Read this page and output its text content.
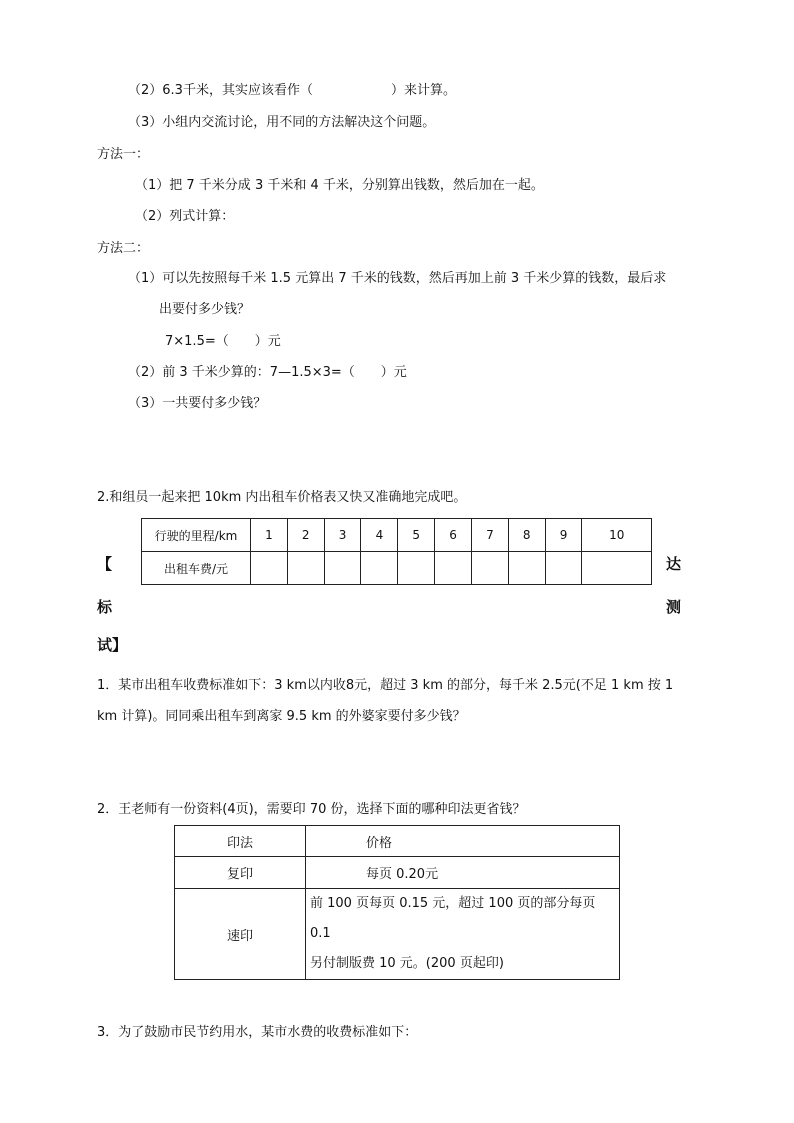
（2）6.3千米，其实应该看作（　　　　　　）来计算。
（3）小组内交流讨论，用不同的方法解决这个问题。
方法一：
（1）把 7 千米分成 3 千米和 4 千米，分别算出钱数，然后加在一起。
（2）列式计算：
方法二：
（1）可以先按照每千米 1.5 元算出 7 千米的钱数，然后再加上前 3 千米少算的钱数，最后求
出要付多少钱？
7×1.5=（　　）元
（2）前 3 千米少算的：7—1.5×3=（　　）元
（3）一共要付多少钱？
2.和组员一起来把 10km 内出租车价格表又快又准确地完成吧。
【
标
达
测
试】
行驶的里程/km	1	2	3	4	5	6	7	8	9	10
出租车费/元										
1．某市出租车收费标准如下：3 km以内收8元，超过 3 km 的部分，每千米 2.5元(不足 1 km 按 1
km 计算)。同同乘出租车到离家 9.5 km 的外婆家要付多少钱？
2．王老师有一份资料(4页)，需要印 70 份，选择下面的哪种印法更省钱？
印法	价格
复印	每页 0.20元
速印	前 100 页每页 0.15 元，超过 100 页的部分每页 0.1
另付制版费 10 元。(200 页起印)
3．为了鼓励市民节约用水，某市水费的收费标准如下：
